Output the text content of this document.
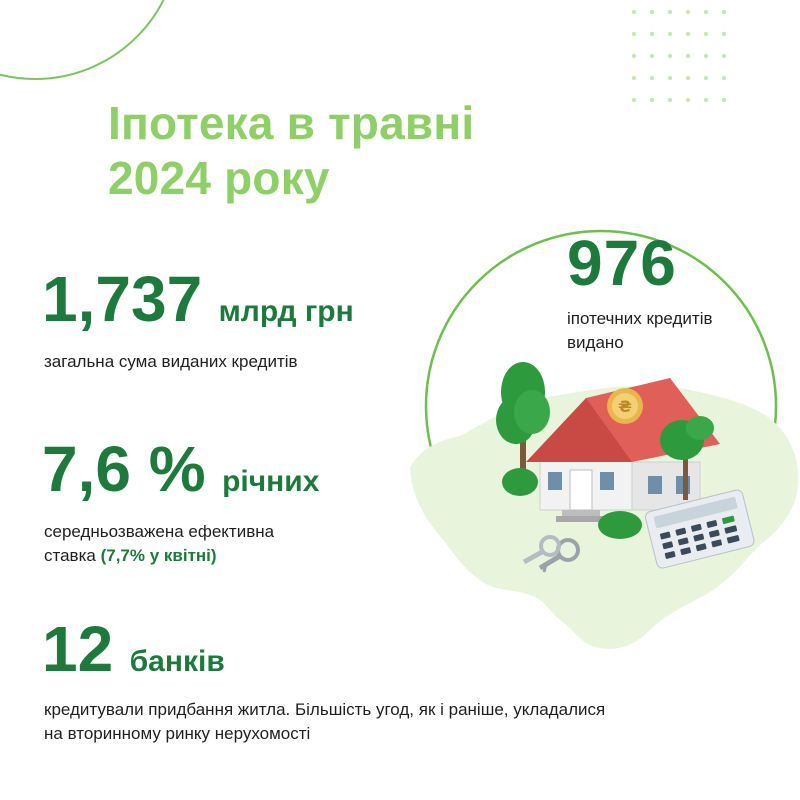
Іпотека в травні
2024 року
₴
976
іпотечних кредитів
видано
1,737 млрд грн
загальна сума виданих кредитів
7,6 % річних
середньозважена ефективна
ставка (7,7% у квітні)
12 банків
кредитували придбання житла. Більшість угод, як і раніше, укладалися
на вторинному ринку нерухомості
